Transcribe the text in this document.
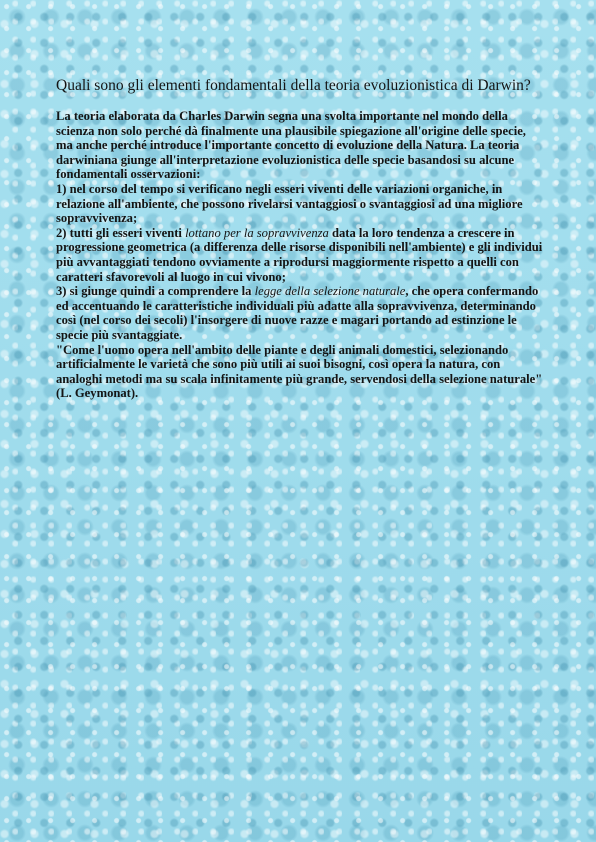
Quali sono gli elementi fondamentali della teoria evoluzionistica di Darwin?

La teoria elaborata da Charles Darwin segna una svolta importante nel mondo della scienza non solo perché dà finalmente una plausibile spiegazione all'origine delle specie, ma anche perché introduce l'importante concetto di evoluzione della Natura. La teoria darwiniana giunge all'interpretazione evoluzionistica delle specie basandosi su alcune fondamentali osservazioni:

1) nel corso del tempo si verificano negli esseri viventi delle variazioni organiche, in relazione all'ambiente, che possono rivelarsi vantaggiosi o svantaggiosi ad una migliore sopravvivenza;

2) tutti gli esseri viventi lottano per la sopravvivenza data la loro tendenza a crescere in progressione geometrica (a differenza delle risorse disponibili nell'ambiente) e gli individui più avvantaggiati tendono ovviamente a riprodursi maggiormente rispetto a quelli con caratteri sfavorevoli al luogo in cui vivono;

3) si giunge quindi a comprendere la legge della selezione naturale, che opera confermando ed accentuando le caratteristiche individuali più adatte alla sopravvivenza, determinando così (nel corso dei secoli) l'insorgere di nuove razze e magari portando ad estinzione le specie più svantaggiate.

"Come l'uomo opera nell'ambito delle piante e degli animali domestici, selezionando artificialmente le varietà che sono più utili ai suoi bisogni, così opera la natura, con analoghi metodi ma su scala infinitamente più grande, servendosi della selezione naturale"(L. Geymonat).
